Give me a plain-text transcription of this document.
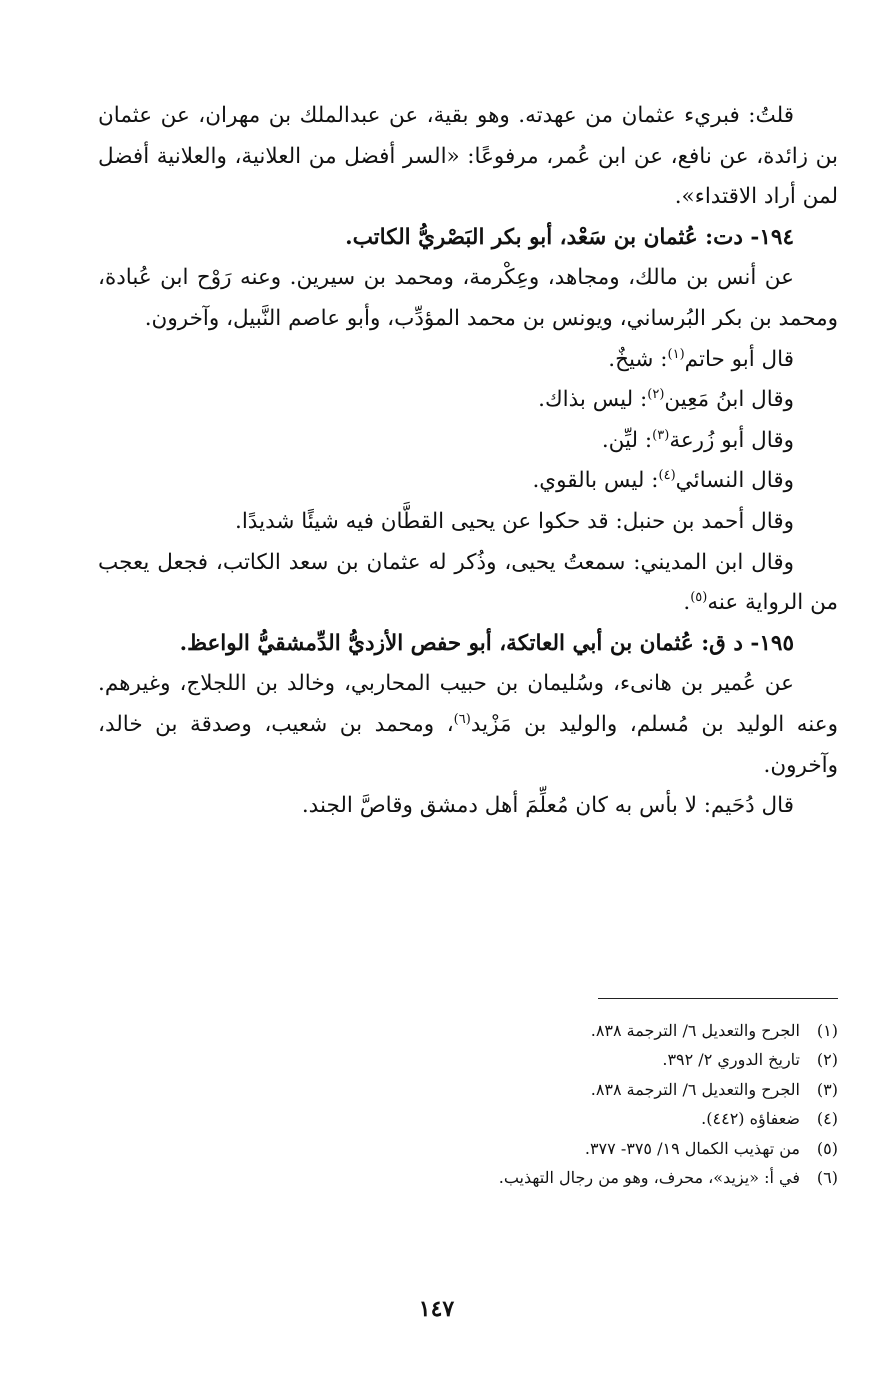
قلتُ: فبريء عثمان من عهدته. وهو بقية، عن عبدالملك بن مهران، عن عثمان بن زائدة، عن نافع، عن ابن عُمر، مرفوعًا: «السر أفضل من العلانية، والعلانية أفضل لمن أراد الاقتداء».

١٩٤- دت: عُثمان بن سَعْد، أبو بكر البَصْريُّ الكاتب.

عن أنس بن مالك، ومجاهد، وعِكْرمة، ومحمد بن سيرين. وعنه رَوْح ابن عُبادة، ومحمد بن بكر البُرساني، ويونس بن محمد المؤدِّب، وأبو عاصم النَّبيل، وآخرون.

قال أبو حاتم$^{(١)}$: شيخٌ.

وقال ابنُ مَعِين$^{(٢)}$: ليس بذاك.

وقال أبو زُرعة$^{(٣)}$: ليِّن.

وقال النسائي$^{(٤)}$: ليس بالقوي.

وقال أحمد بن حنبل: قد حكوا عن يحيى القطَّان فيه شيئًا شديدًا.

وقال ابن المديني: سمعتُ يحيى، وذُكر له عثمان بن سعد الكاتب، فجعل يعجب من الرواية عنه$^{(٥)}$.

١٩٥- د ق: عُثمان بن أبي العاتكة، أبو حفص الأزديُّ الدِّمشقيُّ الواعظ.

عن عُمير بن هانىء، وسُليمان بن حبيب المحاربي، وخالد بن اللجلاج، وغيرهم. وعنه الوليد بن مُسلم، والوليد بن مَزْيد$^{(٦)}$، ومحمد بن شعيب، وصدقة بن خالد، وآخرون.

قال دُحَيم: لا بأس به كان مُعلِّمَ أهل دمشق وقاصَّ الجند.

(١)
الجرح والتعديل ٦/ الترجمة ٨٣٨.
(٢)
تاريخ الدوري ٢/ ٣٩٢.
(٣)
الجرح والتعديل ٦/ الترجمة ٨٣٨.
(٤)
ضعفاؤه (٤٤٢).
(٥)
من تهذيب الكمال ١٩/ ٣٧٥- ٣٧٧.
(٦)
في أ: «يزيد»، محرف، وهو من رجال التهذيب.
١٤٧
